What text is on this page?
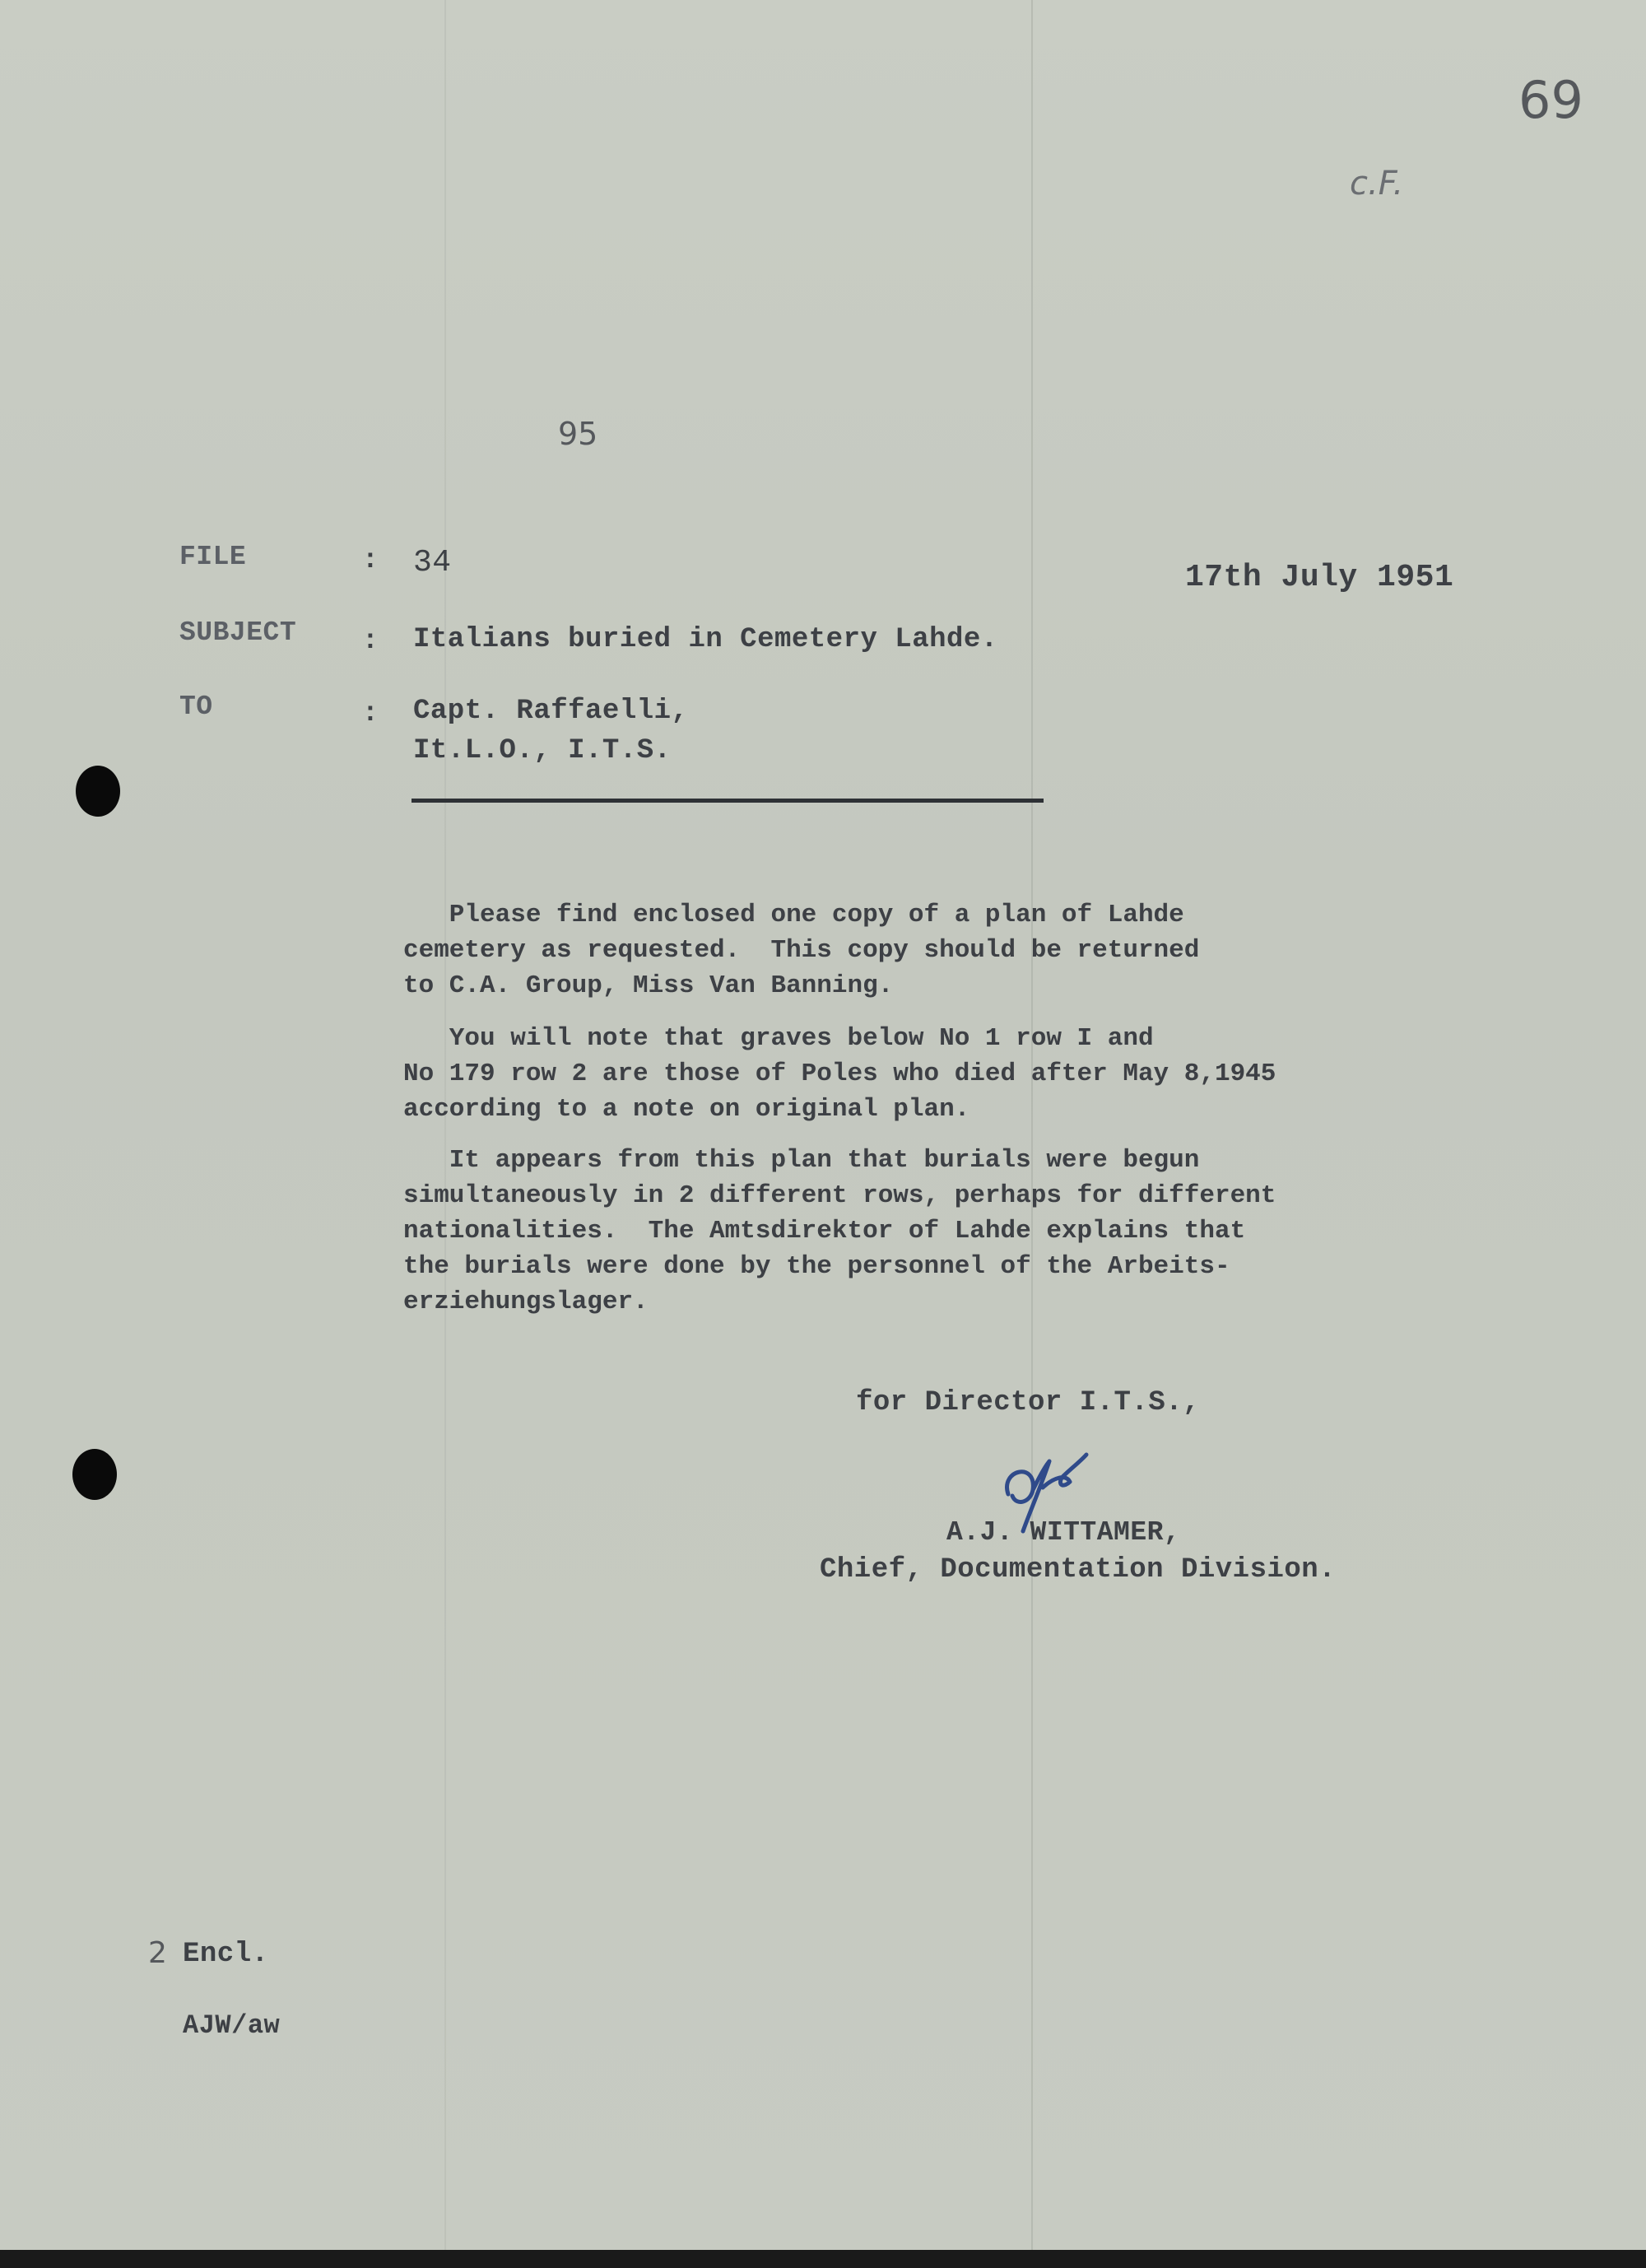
69
c.F.
95
FILE	: 34	17th July 1951
SUBJECT : Italians buried in Cemetery Lahde.
TO	: Capt. Raffaelli,
It.L.O., I.T.S.
Please find enclosed one copy of a plan of Lahde
cemetery as requested.  This copy should be returned
to C.A. Group, Miss Van Banning.
You will note that graves below No 1 row I and
No 179 row 2 are those of Poles who died after May 8,1945
according to a note on original plan.
It appears from this plan that burials were begun
simultaneously in 2 different rows, perhaps for different
nationalities.  The Amtsdirektor of Lahde explains that
the burials were done by the personnel of the Arbeits-
erziehungslager.
for Director I.T.S.,
A.J. WITTAMER,
Chief, Documentation Division.
2 Encl.
AJW/aw
